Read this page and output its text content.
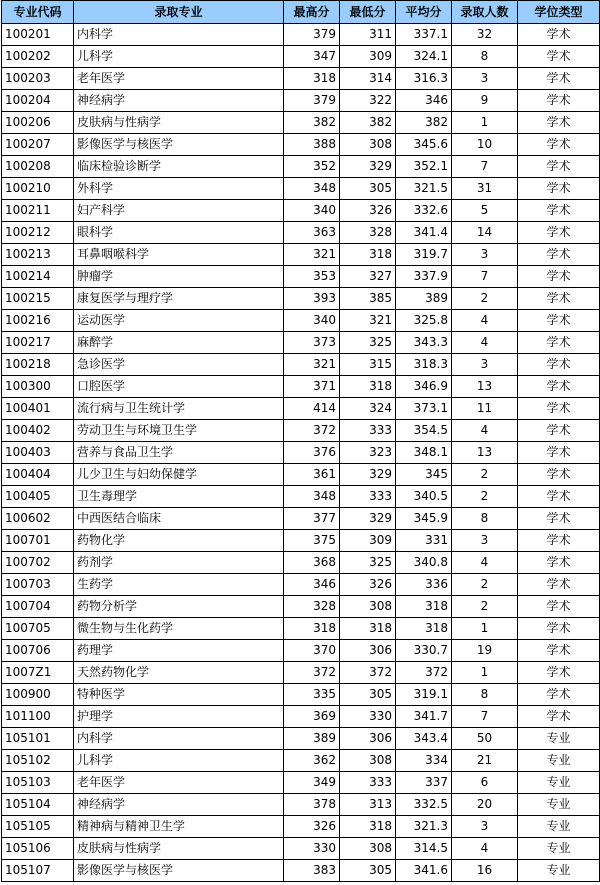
专业代码	录取专业	最高分	最低分	平均分	录取人数	学位类型
100201	内科学	379	311	337.1	32	学术
100202	儿科学	347	309	324.1	8	学术
100203	老年医学	318	314	316.3	3	学术
100204	神经病学	379	322	346	9	学术
100206	皮肤病与性病学	382	382	382	1	学术
100207	影像医学与核医学	388	308	345.6	10	学术
100208	临床检验诊断学	352	329	352.1	7	学术
100210	外科学	348	305	321.5	31	学术
100211	妇产科学	340	326	332.6	5	学术
100212	眼科学	363	328	341.4	14	学术
100213	耳鼻咽喉科学	321	318	319.7	3	学术
100214	肿瘤学	353	327	337.9	7	学术
100215	康复医学与理疗学	393	385	389	2	学术
100216	运动医学	340	321	325.8	4	学术
100217	麻醉学	373	325	343.3	4	学术
100218	急诊医学	321	315	318.3	3	学术
100300	口腔医学	371	318	346.9	13	学术
100401	流行病与卫生统计学	414	324	373.1	11	学术
100402	劳动卫生与环境卫生学	372	333	354.5	4	学术
100403	营养与食品卫生学	376	323	348.1	13	学术
100404	儿少卫生与妇幼保健学	361	329	345	2	学术
100405	卫生毒理学	348	333	340.5	2	学术
100602	中西医结合临床	377	329	345.9	8	学术
100701	药物化学	375	309	331	3	学术
100702	药剂学	368	325	340.8	4	学术
100703	生药学	346	326	336	2	学术
100704	药物分析学	328	308	318	2	学术
100705	微生物与生化药学	318	318	318	1	学术
100706	药理学	370	306	330.7	19	学术
1007Z1	天然药物化学	372	372	372	1	学术
100900	特种医学	335	305	319.1	8	学术
101100	护理学	369	330	341.7	7	学术
105101	内科学	389	306	343.4	50	专业
105102	儿科学	362	308	334	21	专业
105103	老年医学	349	333	337	6	专业
105104	神经病学	378	313	332.5	20	专业
105105	精神病与精神卫生学	326	318	321.3	3	专业
105106	皮肤病与性病学	330	308	314.5	4	专业
105107	影像医学与核医学	383	305	341.6	16	专业
